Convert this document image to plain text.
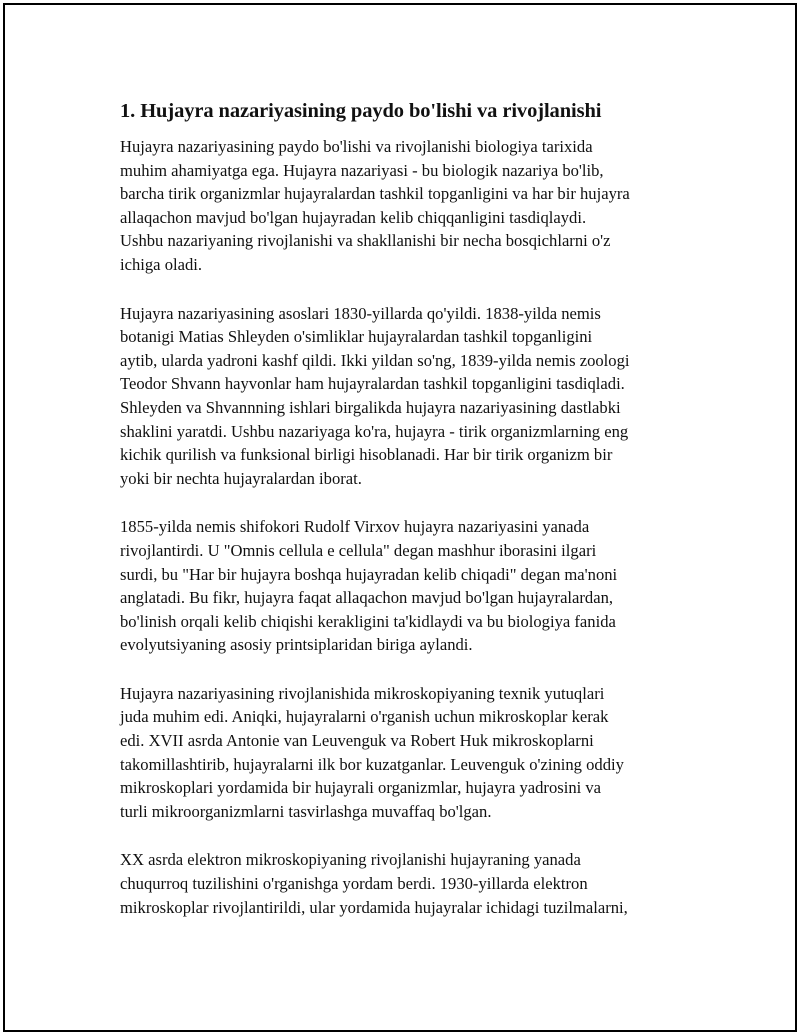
1. Hujayra nazariyasining paydo bo'lishi va rivojlanishi

Hujayra nazariyasining paydo bo'lishi va rivojlanishi biologiya tarixida
muhim ahamiyatga ega. Hujayra nazariyasi - bu biologik nazariya bo'lib,
barcha tirik organizmlar hujayralardan tashkil topganligini va har bir hujayra
allaqachon mavjud bo'lgan hujayradan kelib chiqqanligini tasdiqlaydi.
Ushbu nazariyaning rivojlanishi va shakllanishi bir necha bosqichlarni o'z
ichiga oladi.

Hujayra nazariyasining asoslari 1830-yillarda qo'yildi. 1838-yilda nemis
botanigi Matias Shleyden o'simliklar hujayralardan tashkil topganligini
aytib, ularda yadroni kashf qildi. Ikki yildan so'ng, 1839-yilda nemis zoologi
Teodor Shvann hayvonlar ham hujayralardan tashkil topganligini tasdiqladi.
Shleyden va Shvannning ishlari birgalikda hujayra nazariyasining dastlabki
shaklini yaratdi. Ushbu nazariyaga ko'ra, hujayra - tirik organizmlarning eng
kichik qurilish va funksional birligi hisoblanadi. Har bir tirik organizm bir
yoki bir nechta hujayralardan iborat.

1855-yilda nemis shifokori Rudolf Virxov hujayra nazariyasini yanada
rivojlantirdi. U "Omnis cellula e cellula" degan mashhur iborasini ilgari
surdi, bu "Har bir hujayra boshqa hujayradan kelib chiqadi" degan ma'noni
anglatadi. Bu fikr, hujayra faqat allaqachon mavjud bo'lgan hujayralardan,
bo'linish orqali kelib chiqishi kerakligini ta'kidlaydi va bu biologiya fanida
evolyutsiyaning asosiy printsiplaridan biriga aylandi.

Hujayra nazariyasining rivojlanishida mikroskopiyaning texnik yutuqlari
juda muhim edi. Aniqki, hujayralarni o'rganish uchun mikroskoplar kerak
edi. XVII asrda Antonie van Leuvenguk va Robert Huk mikroskoplarni
takomillashtirib, hujayralarni ilk bor kuzatganlar. Leuvenguk o'zining oddiy
mikroskoplari yordamida bir hujayrali organizmlar, hujayra yadrosini va
turli mikroorganizmlarni tasvirlashga muvaffaq bo'lgan.

XX asrda elektron mikroskopiyaning rivojlanishi hujayraning yanada
chuqurroq tuzilishini o'rganishga yordam berdi. 1930-yillarda elektron
mikroskoplar rivojlantirildi, ular yordamida hujayralar ichidagi tuzilmalarni,
